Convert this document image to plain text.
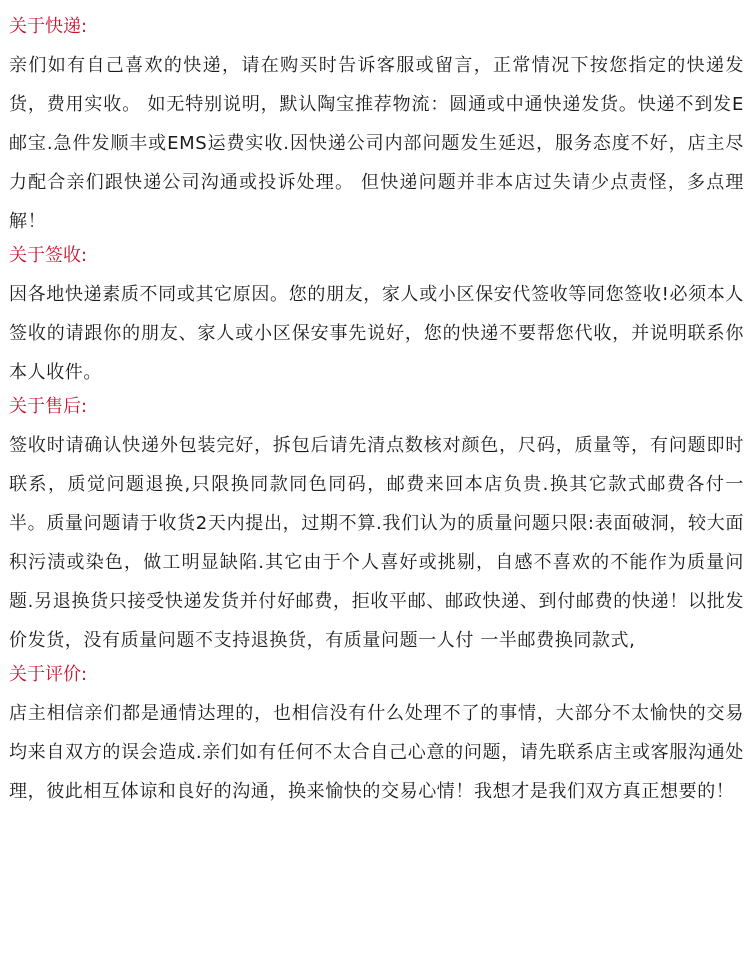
关于快递:

亲们如有自己喜欢的快递，请在购买时告诉客服或留言，正常情况下按您指定的快递发货，费用实收。 如无特别说明，默认陶宝推荐物流：圆通或中通快递发货。快递不到发E邮宝.急件发顺丰或EMS运费实收.因快递公司内部问题发生延迟，服务态度不好，店主尽力配合亲们跟快递公司沟通或投诉处理。 但快递问题并非本店过失请少点责怪，多点理解！

关于签收:

因各地快递素质不同或其它原因。您的朋友，家人或小区保安代签收等同您签收!必须本人签收的请跟你的朋友、家人或小区保安事先说好，您的快递不要帮您代收，并说明联系你本人收件。

关于售后:

签收时请确认快递外包装完好，拆包后请先清点数核对颜色，尺码，质量等，有问题即时联系，质觉问题退换,只限换同款同色同码，邮费来回本店负贵.换其它款式邮费各付一半。质量问题请于收货2天内提出，过期不算.我们认为的质量问题只限:表面破洞，较大面积污渍或染色，做工明显缺陷.其它由于个人喜好或挑剔，自感不喜欢的不能作为质量问题.另退换货只接受快递发货并付好邮费，拒收平邮、邮政快递、到付邮费的快递！以批发价发货，没有质量问题不支持退换货，有质量问题一人付 一半邮费换同款式,

关于评价:

店主相信亲们都是通情达理的，也相信没有什么处理不了的事情，大部分不太愉快的交易均来自双方的误会造成.亲们如有任何不太合自己心意的问题，请先联系店主或客服沟通处理，彼此相互体谅和良好的沟通，换来愉快的交易心情！我想才是我们双方真正想要的！
